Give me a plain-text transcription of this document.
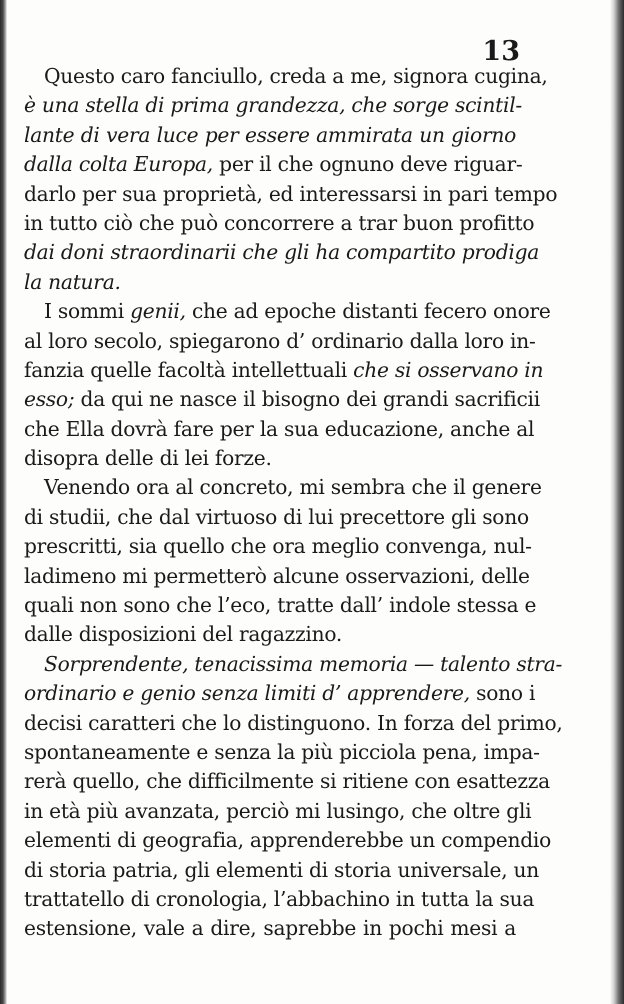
13
Questo caro fanciullo, creda a me, signora cugina,
è una stella di prima grandezza, che sorge scintil-
lante di vera luce per essere ammirata un giorno
dalla colta Europa, per il che ognuno deve riguar-
darlo per sua proprietà, ed interessarsi in pari tempo
in tutto ciò che può concorrere a trar buon profitto
dai doni straordinarii che gli ha compartito prodiga
la natura.
I sommi genii, che ad epoche distanti fecero onore
al loro secolo, spiegarono d’ ordinario dalla loro in-
fanzia quelle facoltà intellettuali che si osservano in
esso; da qui ne nasce il bisogno dei grandi sacrificii
che Ella dovrà fare per la sua educazione, anche al
disopra delle di lei forze.
Venendo ora al concreto, mi sembra che il genere
di studii, che dal virtuoso di lui precettore gli sono
prescritti, sia quello che ora meglio convenga, nul-
ladimeno mi permetterò alcune osservazioni, delle
quali non sono che l’eco, tratte dall’ indole stessa e
dalle disposizioni del ragazzino.
Sorprendente, tenacissima memoria — talento stra-
ordinario e genio senza limiti d’ apprendere, sono i
decisi caratteri che lo distinguono. In forza del primo,
spontaneamente e senza la più picciola pena, impa-
rerà quello, che difficilmente si ritiene con esattezza
in età più avanzata, perciò mi lusingo, che oltre gli
elementi di geografia, apprenderebbe un compendio
di storia patria, gli elementi di storia universale, un
trattatello di cronologia, l’abbachino in tutta la sua
estensione, vale a dire, saprebbe in pochi mesi a
